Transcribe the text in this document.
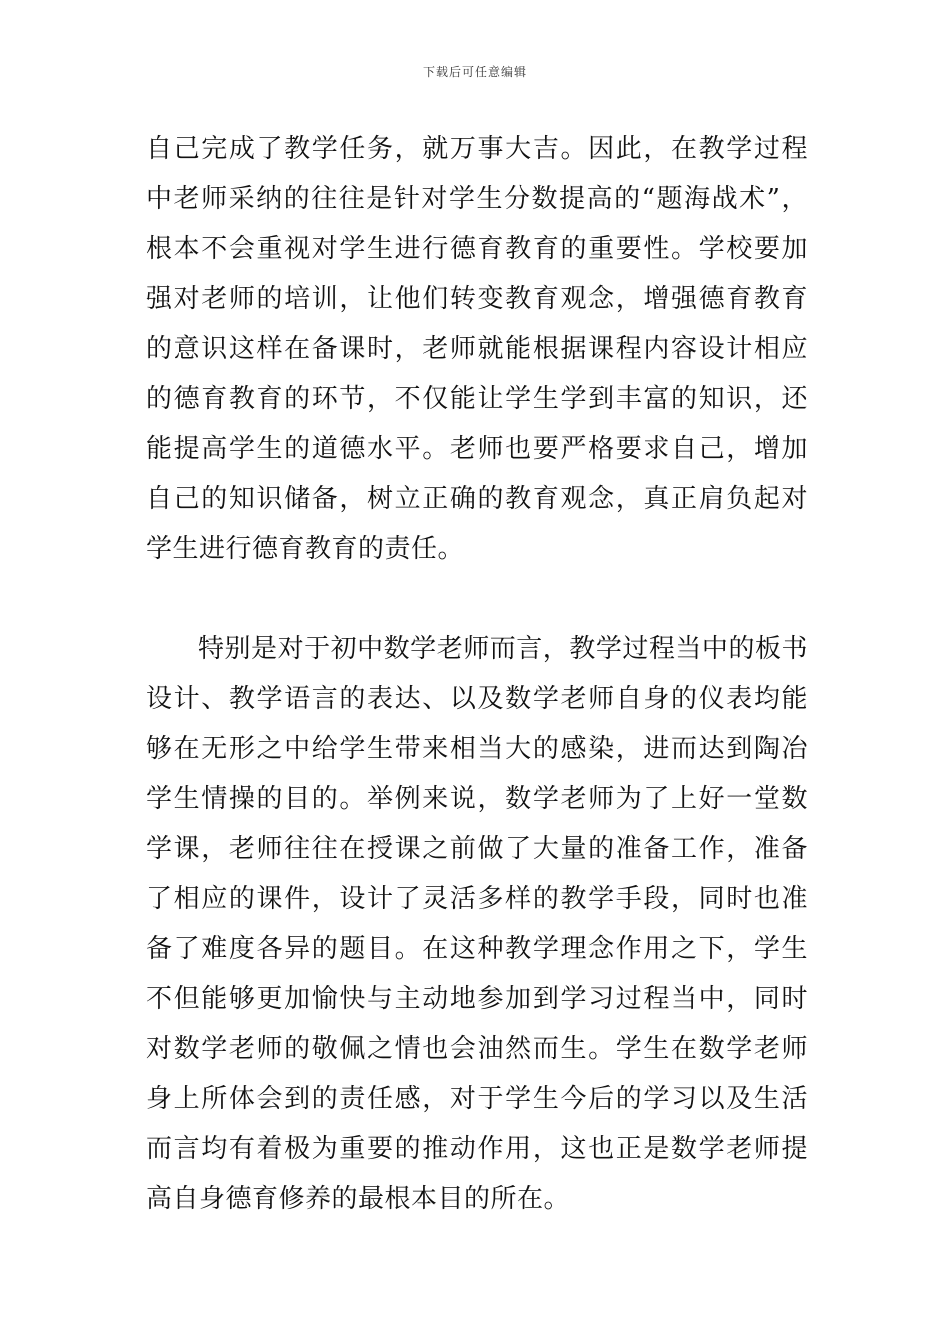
下载后可任意编辑

自己完成了教学任务，就万事大吉。因此，在教学过程中老师采纳的往往是针对学生分数提高的“题海战术”，根本不会重视对学生进行德育教育的重要性。学校要加强对老师的培训，让他们转变教育观念，增强德育教育的意识这样在备课时，老师就能根据课程内容设计相应的德育教育的环节，不仅能让学生学到丰富的知识，还能提高学生的道德水平。老师也要严格要求自己，增加自己的知识储备，树立正确的教育观念，真正肩负起对学生进行德育教育的责任。

特别是对于初中数学老师而言，教学过程当中的板书设计、教学语言的表达、以及数学老师自身的仪表均能够在无形之中给学生带来相当大的感染，进而达到陶冶学生情操的目的。举例来说，数学老师为了上好一堂数学课，老师往往在授课之前做了大量的准备工作，准备了相应的课件，设计了灵活多样的教学手段，同时也准备了难度各异的题目。在这种教学理念作用之下，学生不但能够更加愉快与主动地参加到学习过程当中，同时对数学老师的敬佩之情也会油然而生。学生在数学老师身上所体会到的责任感，对于学生今后的学习以及生活而言均有着极为重要的推动作用，这也正是数学老师提高自身德育修养的最根本目的所在。
